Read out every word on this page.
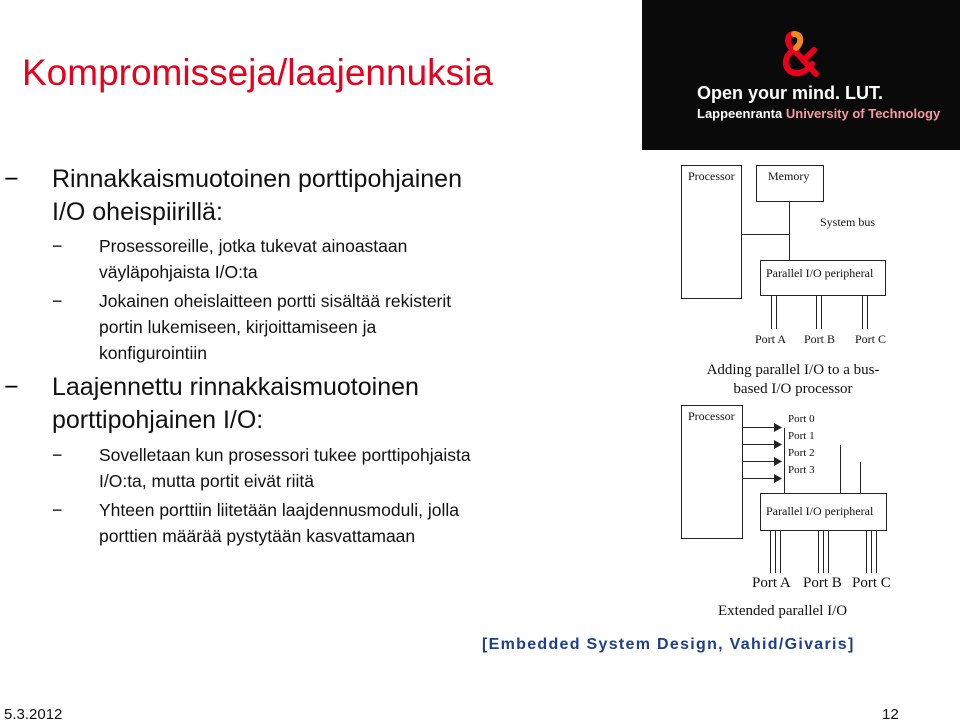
Kompromisseja/laajennuksia	Open your mind. LUT.
Lappeenranta University of Technology
− Rinnakkaismuotoinen porttipohjainen
I/O oheispiirillä:
− Prosessoreille, jotka tukevat ainoastaan
väyläpohjaista I/O:ta
− Jokainen oheislaitteen portti sisältää rekisterit
portin lukemiseen, kirjoittamiseen ja
konfigurointiin
− Laajennettu rinnakkaismuotoinen
porttipohjainen I/O:
− Sovelletaan kun prosessori tukee porttipohjaista
I/O:ta, mutta portit eivät riitä
− Yhteen porttiin liitetään laajdennusmoduli, jolla
porttien määrää pystytään kasvattamaan
Processor	Memory
System bus
Parallel I/O peripheral
Port A Port B Port C
Adding parallel I/O to a bus-
based I/O processor
Processor	Port 0
Port 1
Port 2
Port 3
Parallel I/O peripheral
Port A Port B Port C
Extended parallel I/O
[Embedded System Design, Vahid/Givaris]
5.3.2012	12
